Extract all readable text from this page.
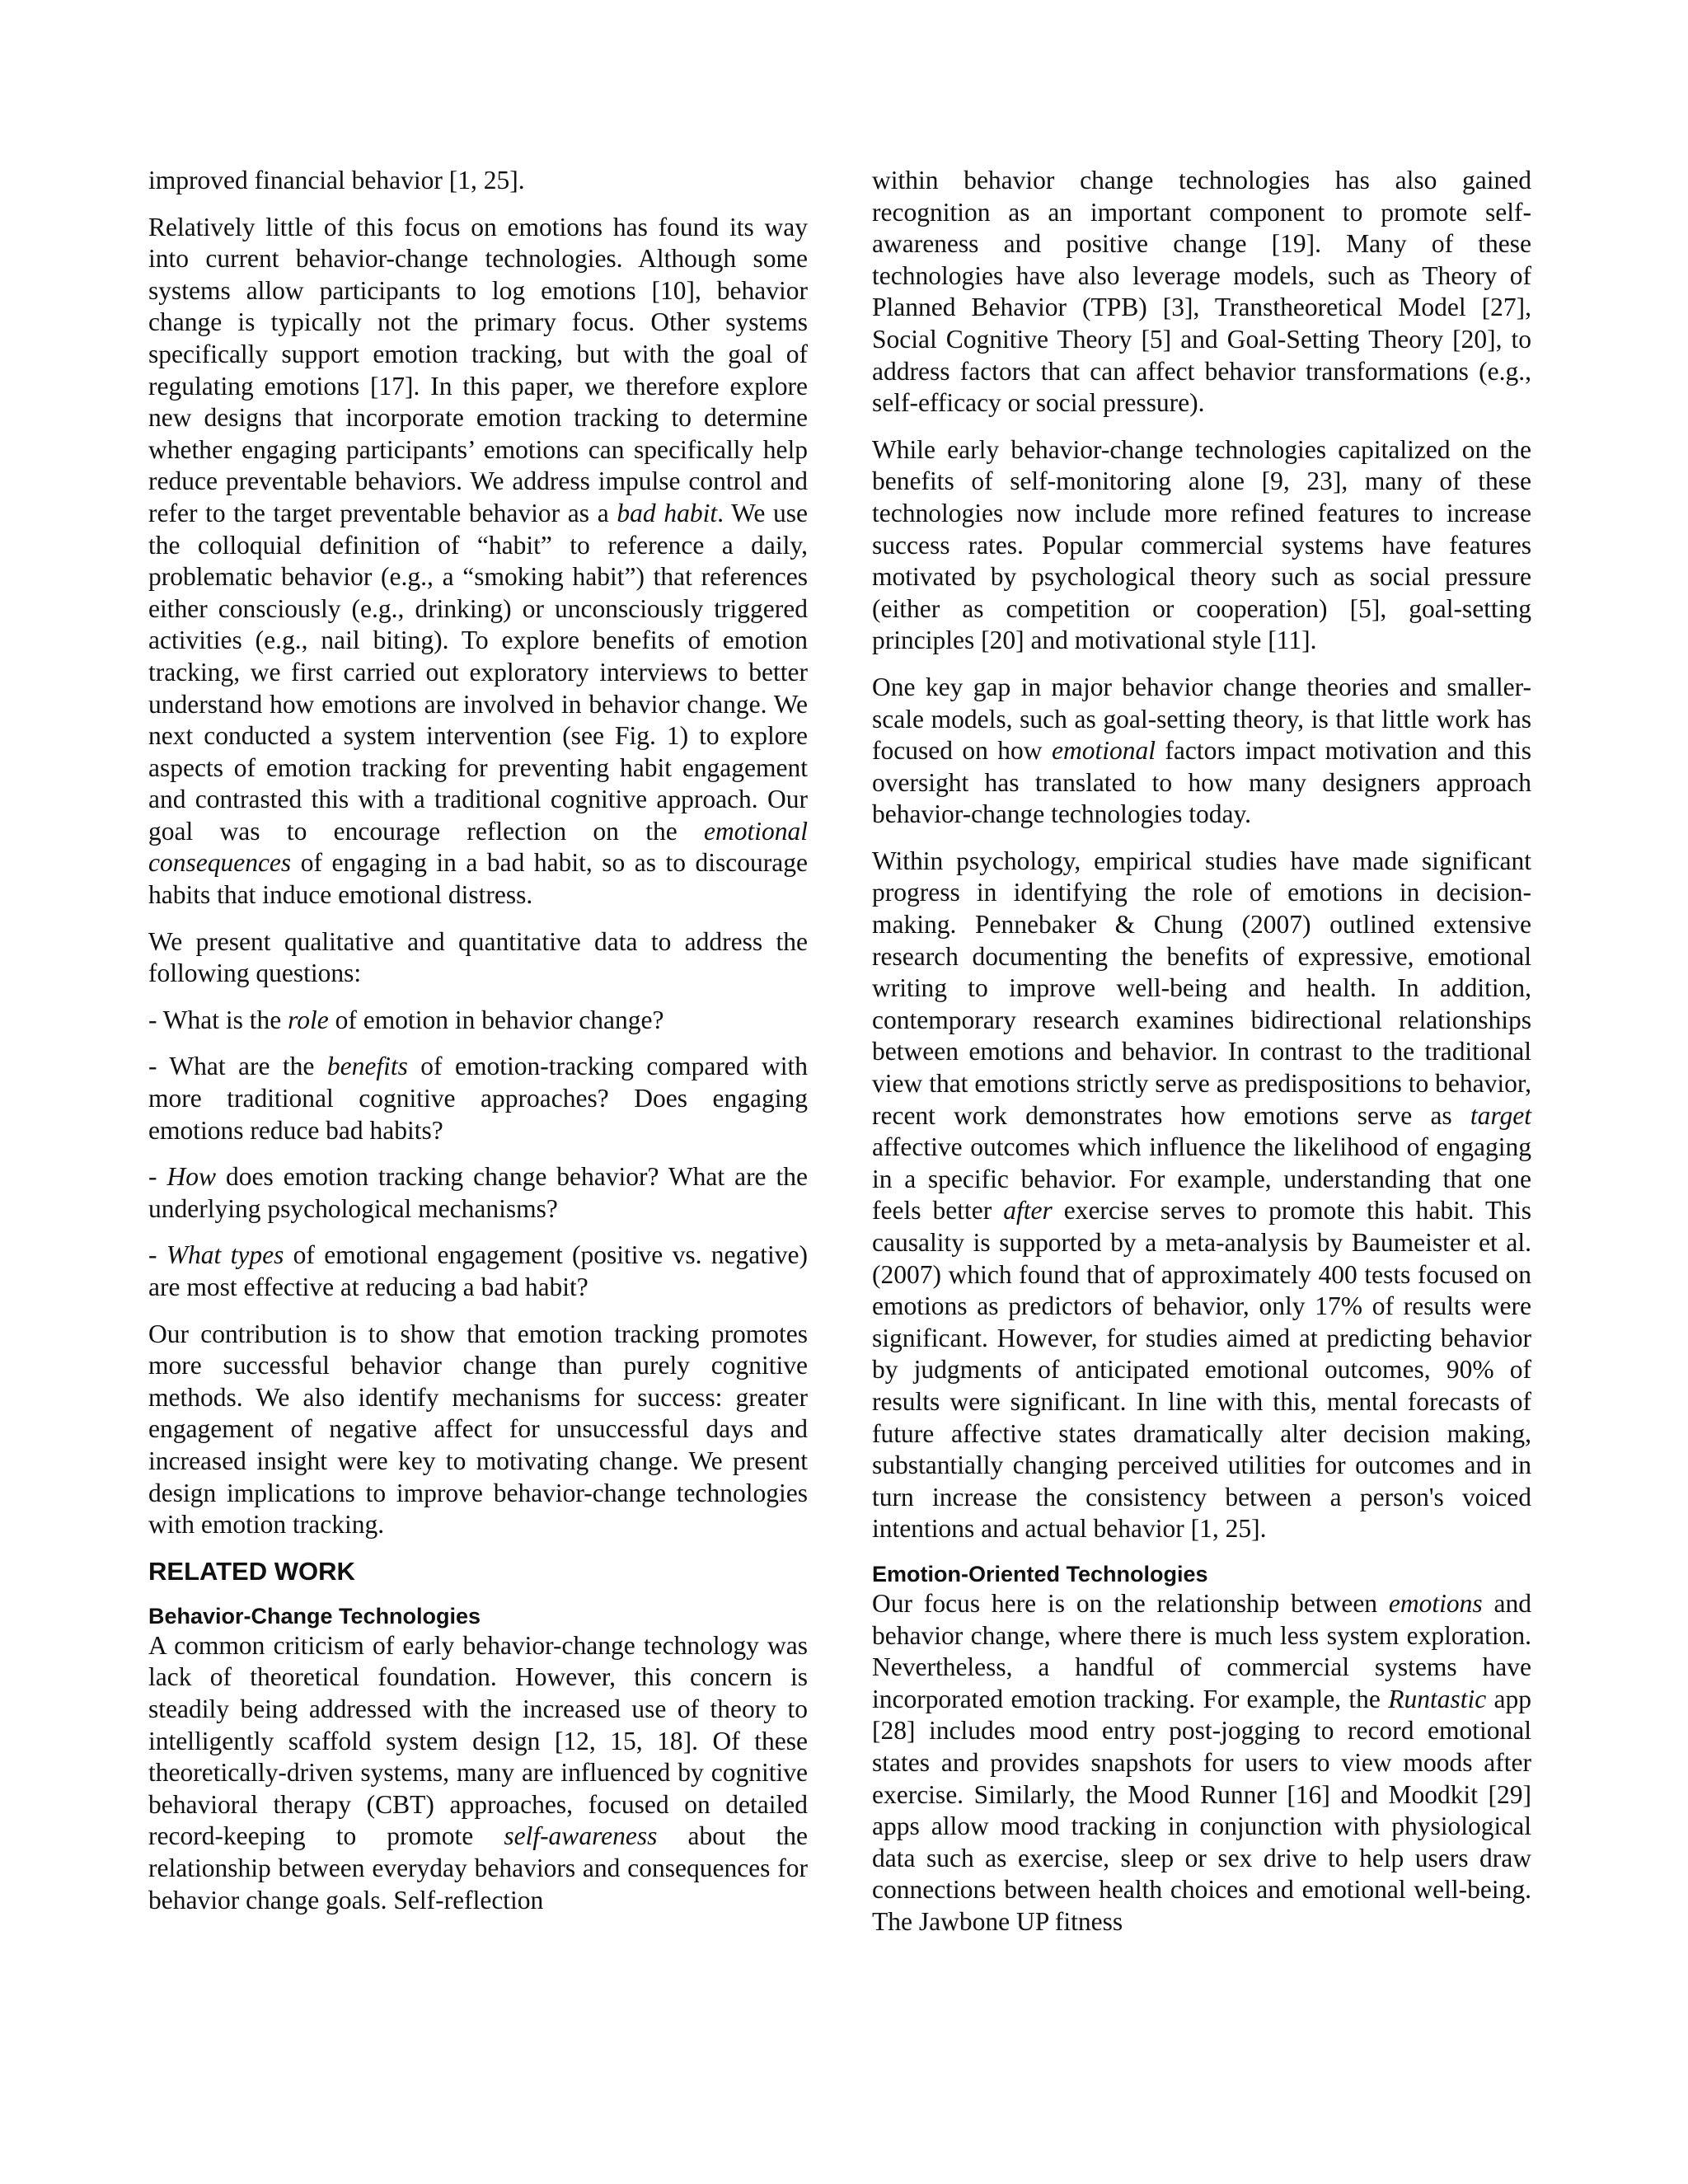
improved financial behavior [1, 25].

Relatively little of this focus on emotions has found its way into current behavior-change technologies. Although some systems allow participants to log emotions [10], behavior change is typically not the primary focus. Other systems specifically support emotion tracking, but with the goal of regulating emotions [17]. In this paper, we therefore explore new designs that incorporate emotion tracking to determine whether engaging participants’ emotions can specifically help reduce preventable behaviors. We address impulse control and refer to the target preventable behavior as a bad habit. We use the colloquial definition of “habit” to reference a daily, problematic behavior (e.g., a “smoking habit”) that references either consciously (e.g., drinking) or unconsciously triggered activities (e.g., nail biting). To explore benefits of emotion tracking, we first carried out exploratory interviews to better understand how emotions are involved in behavior change. We next conducted a system intervention (see Fig. 1) to explore aspects of emotion tracking for preventing habit engagement and contrasted this with a traditional cognitive approach. Our goal was to encourage reflection on the emotional consequences of engaging in a bad habit, so as to discourage habits that induce emotional distress.

We present qualitative and quantitative data to address the following questions:

- What is the role of emotion in behavior change?

- What are the benefits of emotion-tracking compared with more traditional cognitive approaches? Does engaging emotions reduce bad habits?

- How does emotion tracking change behavior? What are the underlying psychological mechanisms?

- What types of emotional engagement (positive vs. negative) are most effective at reducing a bad habit?

Our contribution is to show that emotion tracking promotes more successful behavior change than purely cognitive methods. We also identify mechanisms for success: greater engagement of negative affect for unsuccessful days and increased insight were key to motivating change. We present design implications to improve behavior-change technologies with emotion tracking.

RELATED WORK
Behavior-Change Technologies

A common criticism of early behavior-change technology was lack of theoretical foundation. However, this concern is steadily being addressed with the increased use of theory to intelligently scaffold system design [12, 15, 18]. Of these theoretically-driven systems, many are influenced by cognitive behavioral therapy (CBT) approaches, focused on detailed record-keeping to promote self-awareness about the relationship between everyday behaviors and consequences for behavior change goals. Self-reflection

within behavior change technologies has also gained recognition as an important component to promote self-awareness and positive change [19]. Many of these technologies have also leverage models, such as Theory of Planned Behavior (TPB) [3], Transtheoretical Model [27], Social Cognitive Theory [5] and Goal-Setting Theory [20], to address factors that can affect behavior transformations (e.g., self-efficacy or social pressure).

While early behavior-change technologies capitalized on the benefits of self-monitoring alone [9, 23], many of these technologies now include more refined features to increase success rates. Popular commercial systems have features motivated by psychological theory such as social pressure (either as competition or cooperation) [5], goal-setting principles [20] and motivational style [11].

One key gap in major behavior change theories and smaller-scale models, such as goal-setting theory, is that little work has focused on how emotional factors impact motivation and this oversight has translated to how many designers approach behavior-change technologies today.

Within psychology, empirical studies have made significant progress in identifying the role of emotions in decision-making. Pennebaker & Chung (2007) outlined extensive research documenting the benefits of expressive, emotional writing to improve well-being and health. In addition, contemporary research examines bidirectional relationships between emotions and behavior. In contrast to the traditional view that emotions strictly serve as predispositions to behavior, recent work demonstrates how emotions serve as target affective outcomes which influence the likelihood of engaging in a specific behavior. For example, understanding that one feels better after exercise serves to promote this habit. This causality is supported by a meta-analysis by Baumeister et al. (2007) which found that of approximately 400 tests focused on emotions as predictors of behavior, only 17% of results were significant. However, for studies aimed at predicting behavior by judgments of anticipated emotional outcomes, 90% of results were significant. In line with this, mental forecasts of future affective states dramatically alter decision making, substantially changing perceived utilities for outcomes and in turn increase the consistency between a person's voiced intentions and actual behavior [1, 25].

Emotion-Oriented Technologies

Our focus here is on the relationship between emotions and behavior change, where there is much less system exploration. Nevertheless, a handful of commercial systems have incorporated emotion tracking. For example, the Runtastic app [28] includes mood entry post-jogging to record emotional states and provides snapshots for users to view moods after exercise. Similarly, the Mood Runner [16] and Moodkit [29] apps allow mood tracking in conjunction with physiological data such as exercise, sleep or sex drive to help users draw connections between health choices and emotional well-being. The Jawbone UP fitness
